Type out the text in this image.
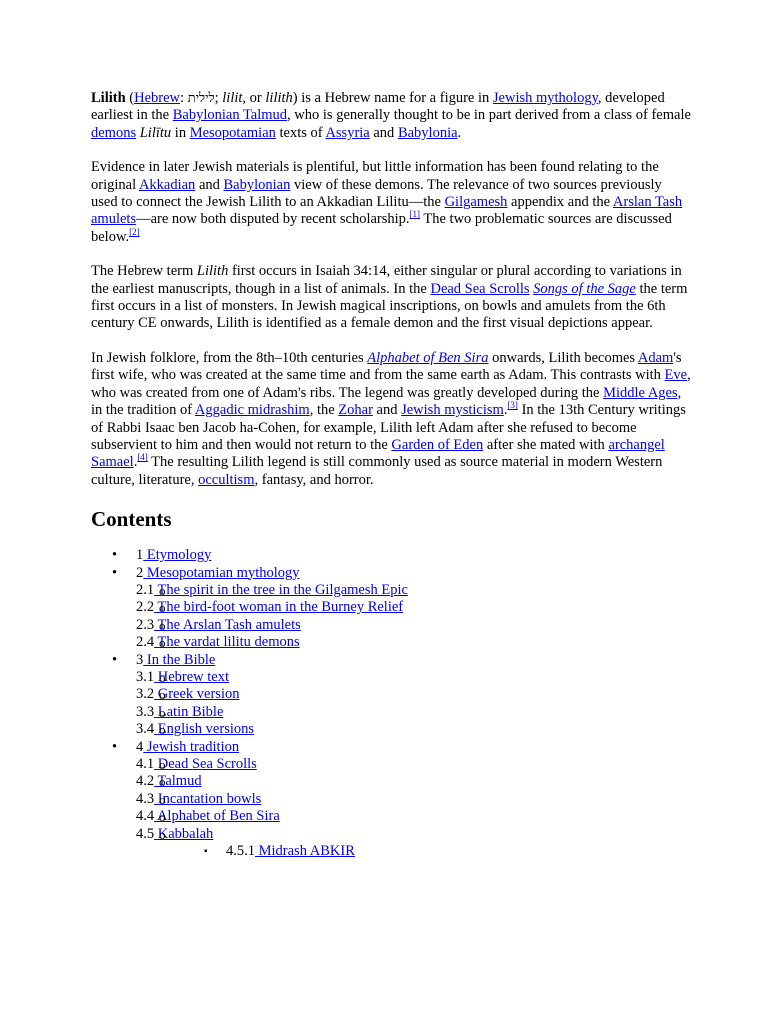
Lilith (Hebrew: לילית; lilit, or lilith) is a Hebrew name for a figure in Jewish mythology, developed earliest in the Babylonian Talmud, who is generally thought to be in part derived from a class of female demons Lilītu in Mesopotamian texts of Assyria and Babylonia.

Evidence in later Jewish materials is plentiful, but little information has been found relating to the original Akkadian and Babylonian view of these demons. The relevance of two sources previously used to connect the Jewish Lilith to an Akkadian Lilitu—the Gilgamesh appendix and the Arslan Tash amulets—are now both disputed by recent scholarship.[1] The two problematic sources are discussed below.[2]

The Hebrew term Lilith first occurs in Isaiah 34:14, either singular or plural according to variations in the earliest manuscripts, though in a list of animals. In the Dead Sea Scrolls Songs of the Sage the term first occurs in a list of monsters. In Jewish magical inscriptions, on bowls and amulets from the 6th century CE onwards, Lilith is identified as a female demon and the first visual depictions appear.

In Jewish folklore, from the 8th–10th centuries Alphabet of Ben Sira onwards, Lilith becomes Adam's first wife, who was created at the same time and from the same earth as Adam. This contrasts with Eve, who was created from one of Adam's ribs. The legend was greatly developed during the Middle Ages, in the tradition of Aggadic midrashim, the Zohar and Jewish mysticism.[3] In the 13th Century writings of Rabbi Isaac ben Jacob ha-Cohen, for example, Lilith left Adam after she refused to become subservient to him and then would not return to the Garden of Eden after she mated with archangel Samael.[4] The resulting Lilith legend is still commonly used as source material in modern Western culture, literature, occultism, fantasy, and horror.

Contents
• 1 Etymology
• 2 Mesopotamian mythology
o 2.1 The spirit in the tree in the Gilgamesh Epic
o 2.2 The bird-foot woman in the Burney Relief
o 2.3 The Arslan Tash amulets
o 2.4 The vardat lilitu demons
• 3 In the Bible
o 3.1 Hebrew text
o 3.2 Greek version
o 3.3 Latin Bible
o 3.4 English versions
• 4 Jewish tradition
o 4.1 Dead Sea Scrolls
o 4.2 Talmud
o 4.3 Incantation bowls
o 4.4 Alphabet of Ben Sira
o 4.5 Kabbalah
▪ 4.5.1 Midrash ABKIR
